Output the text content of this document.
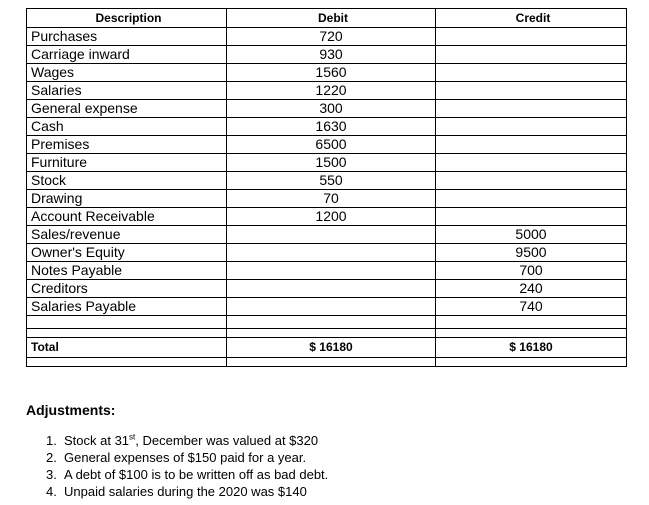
Description	Debit	Credit
Purchases	720	
Carriage inward	930	
Wages	1560	
Salaries	1220	
General expense	300	
Cash	1630	
Premises	6500	
Furniture	1500	
Stock	550	
Drawing	70	
Account Receivable	1200	
Sales/revenue		5000
Owner's Equity		9500
Notes Payable		700
Creditors		240
Salaries Payable		740

Total	$ 16180	$ 16180

Adjustments:
1. Stock at 31st, December was valued at $320
2. General expenses of $150 paid for a year.
3. A debt of $100 is to be written off as bad debt.
4. Unpaid salaries during the 2020 was $140
